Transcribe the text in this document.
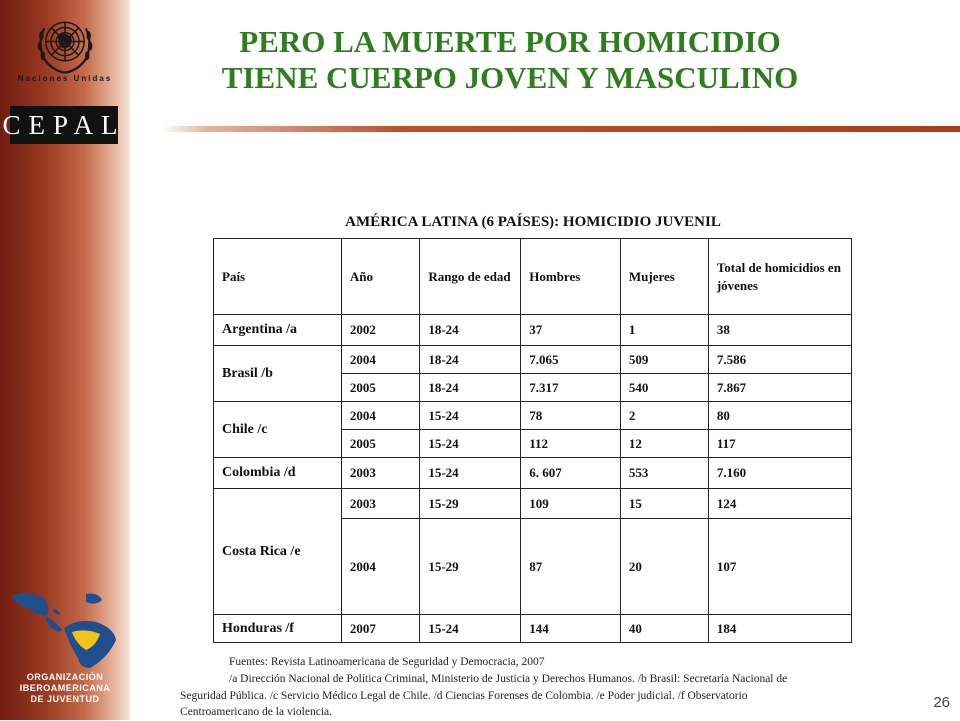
Naciones Unidas
CEPAL
ORGANIZACIÓN
IBEROAMERICANA
DE JUVENTUD
PERO LA MUERTE POR HOMICIDIO
TIENE CUERPO JOVEN Y MASCULINO
AMÉRICA LATINA (6 PAÍSES): HOMICIDIO JUVENIL
País	Año	Rango de edad	Hombres	Mujeres	Total de homicidios en jóvenes
Argentina /a	2002	18-24	37	1	38
Brasil /b	2004	18-24	7.065	509	7.586
	2005	18-24	7.317	540	7.867
Chile /c	2004	15-24	78	2	80
	2005	15-24	112	12	117
Colombia /d	2003	15-24	6. 607	553	7.160
Costa Rica /e	2003	15-29	109	15	124
	2004	15-29	87	20	107
Honduras /f	2007	15-24	144	40	184
Fuentes: Revista Latinoamericana de Seguridad y Democracia, 2007
/a Dirección Nacional de Política Criminal, Ministerio de Justicia y Derechos Humanos. /b Brasil: Secretaría Nacional de
Seguridad Pública. /c Servicio Médico Legal de Chile. /d Ciencias Forenses de Colombia. /e Poder judicial. /f Observatorio
Centroamericano de la violencia.
26
